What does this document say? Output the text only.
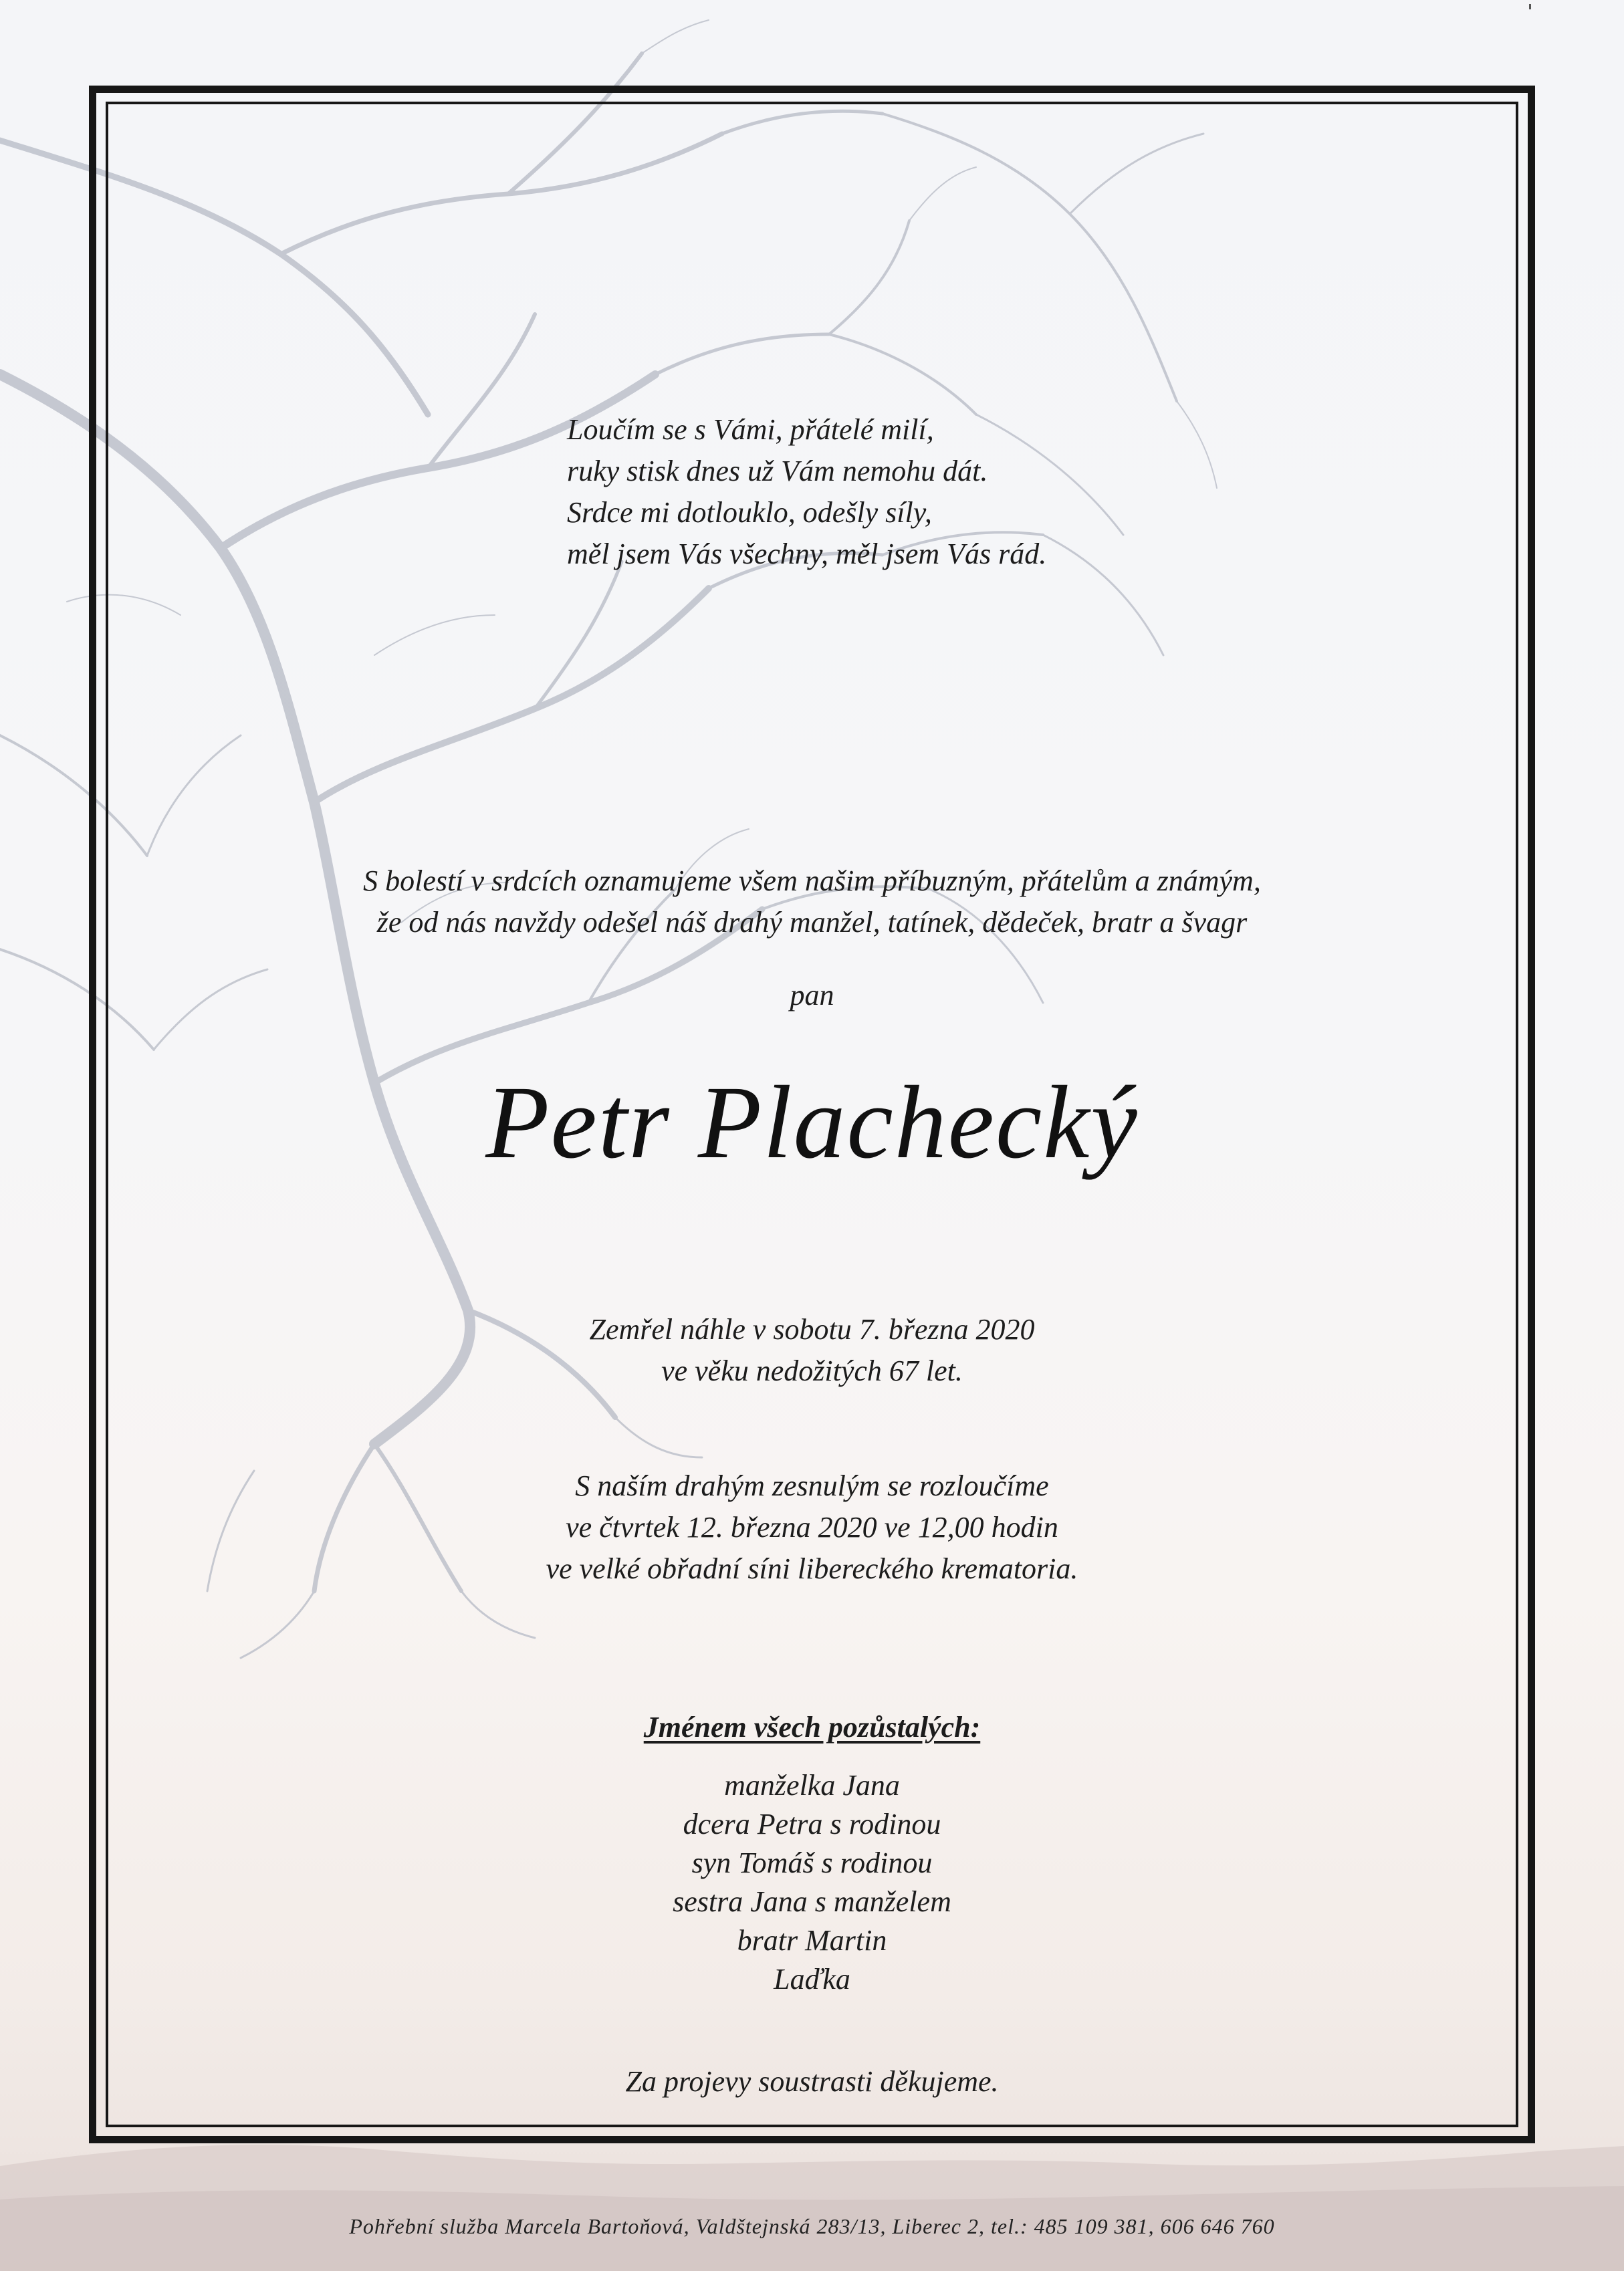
Loučím se s Vámi, přátelé milí,
ruky stisk dnes už Vám nemohu dát.
Srdce mi dotlouklo, odešly síly,
měl jsem Vás všechny, měl jsem Vás rád.
S bolestí v srdcích oznamujeme všem našim příbuzným, přátelům a známým,
že od nás navždy odešel náš drahý manžel, tatínek, dědeček, bratr a švagr
pan
Petr Plachecký
Zemřel náhle v sobotu 7. března 2020
ve věku nedožitých 67 let.
S naším drahým zesnulým se rozloučíme
ve čtvrtek 12. března 2020 ve 12,00 hodin
ve velké obřadní síni libereckého krematoria.
Jménem všech pozůstalých:
manželka Jana
dcera Petra s rodinou
syn Tomáš s rodinou
sestra Jana s manželem
bratr Martin
Laďka
Za projevy soustrasti děkujeme.
Pohřební služba Marcela Bartoňová, Valdštejnská 283/13, Liberec 2, tel.: 485 109 381, 606 646 760
